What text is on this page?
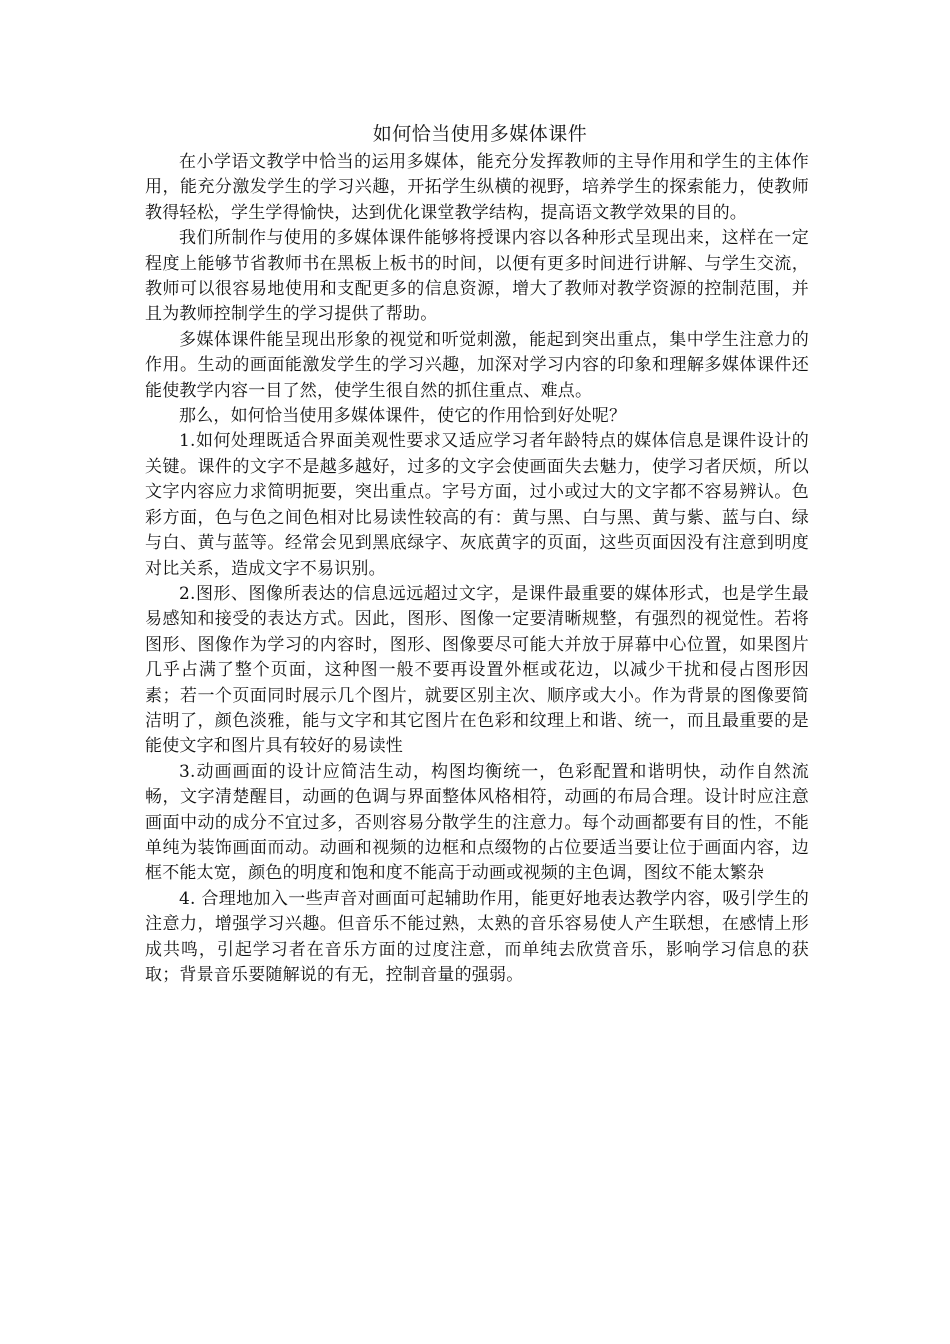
如何恰当使用多媒体课件

在小学语文教学中恰当的运用多媒体，能充分发挥教师的主导作用和学生的主体作用，能充分激发学生的学习兴趣，开拓学生纵横的视野，培养学生的探索能力，使教师教得轻松，学生学得愉快，达到优化课堂教学结构，提高语文教学效果的目的。

我们所制作与使用的多媒体课件能够将授课内容以各种形式呈现出来，这样在一定程度上能够节省教师书在黑板上板书的时间，以便有更多时间进行讲解、与学生交流，教师可以很容易地使用和支配更多的信息资源，增大了教师对教学资源的控制范围，并且为教师控制学生的学习提供了帮助。

多媒体课件能呈现出形象的视觉和听觉刺激，能起到突出重点，集中学生注意力的作用。生动的画面能激发学生的学习兴趣，加深对学习内容的印象和理解多媒体课件还能使教学内容一目了然，使学生很自然的抓住重点、难点。

那么，如何恰当使用多媒体课件，使它的作用恰到好处呢？

1.如何处理既适合界面美观性要求又适应学习者年龄特点的媒体信息是课件设计的关键。课件的文字不是越多越好，过多的文字会使画面失去魅力，使学习者厌烦，所以文字内容应力求简明扼要，突出重点。字号方面，过小或过大的文字都不容易辨认。色彩方面，色与色之间色相对比易读性较高的有：黄与黑、白与黑、黄与紫、蓝与白、绿与白、黄与蓝等。经常会见到黑底绿字、灰底黄字的页面，这些页面因没有注意到明度对比关系，造成文字不易识别。

2.图形、图像所表达的信息远远超过文字，是课件最重要的媒体形式，也是学生最易感知和接受的表达方式。因此，图形、图像一定要清晰规整，有强烈的视觉性。若将图形、图像作为学习的内容时，图形、图像要尽可能大并放于屏幕中心位置，如果图片几乎占满了整个页面，这种图一般不要再设置外框或花边，以减少干扰和侵占图形因素；若一个页面同时展示几个图片，就要区别主次、顺序或大小。作为背景的图像要简洁明了，颜色淡雅，能与文字和其它图片在色彩和纹理上和谐、统一，而且最重要的是能使文字和图片具有较好的易读性

3.动画画面的设计应简洁生动，构图均衡统一，色彩配置和谐明快，动作自然流畅，文字清楚醒目，动画的色调与界面整体风格相符，动画的布局合理。设计时应注意画面中动的成分不宜过多，否则容易分散学生的注意力。每个动画都要有目的性，不能单纯为装饰画面而动。动画和视频的边框和点缀物的占位要适当要让位于画面内容，边框不能太宽，颜色的明度和饱和度不能高于动画或视频的主色调，图纹不能太繁杂

4. 合理地加入一些声音对画面可起辅助作用，能更好地表达教学内容，吸引学生的注意力，增强学习兴趣。但音乐不能过熟，太熟的音乐容易使人产生联想，在感情上形成共鸣，引起学习者在音乐方面的过度注意，而单纯去欣赏音乐，影响学习信息的获取；背景音乐要随解说的有无，控制音量的强弱。
